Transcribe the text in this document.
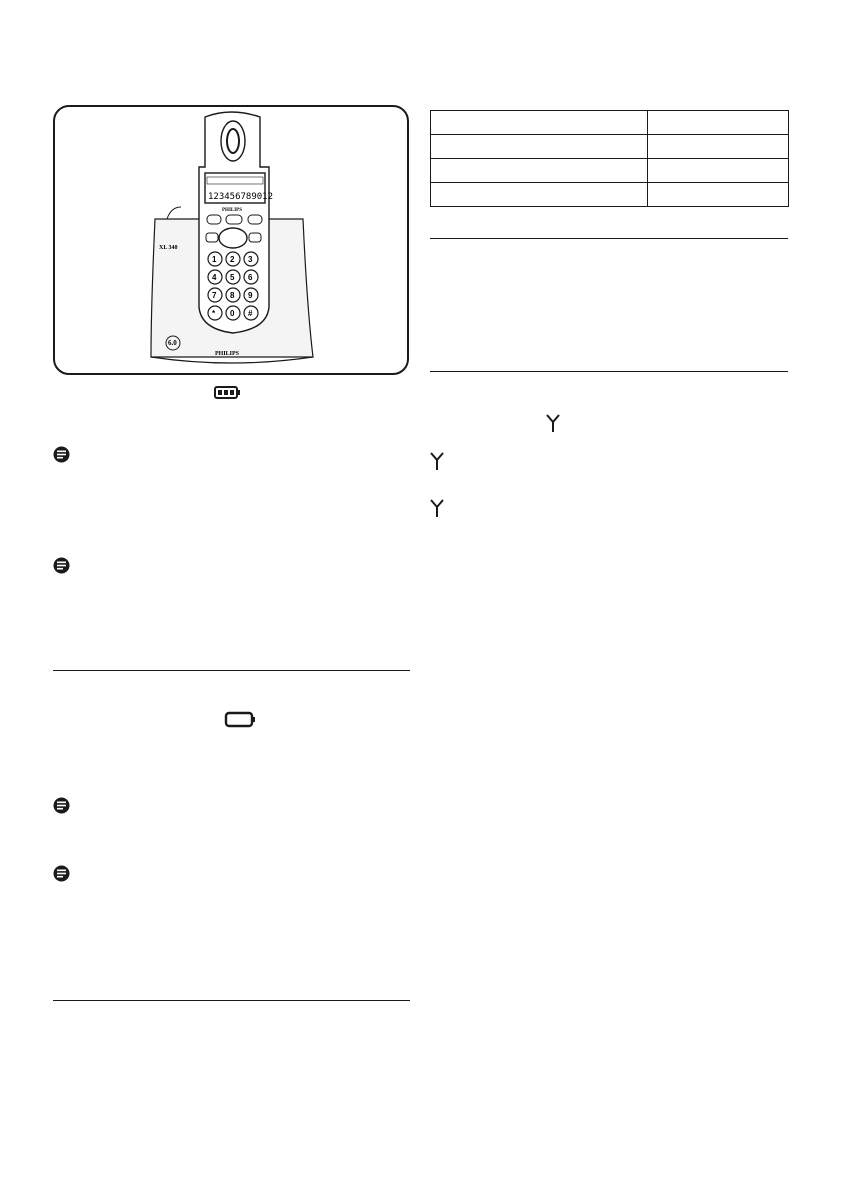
XL 340
6.0
PHILIPS
123456789012
PHILIPS
1 2 3
4 5 6
7 8 9
* 0 #
